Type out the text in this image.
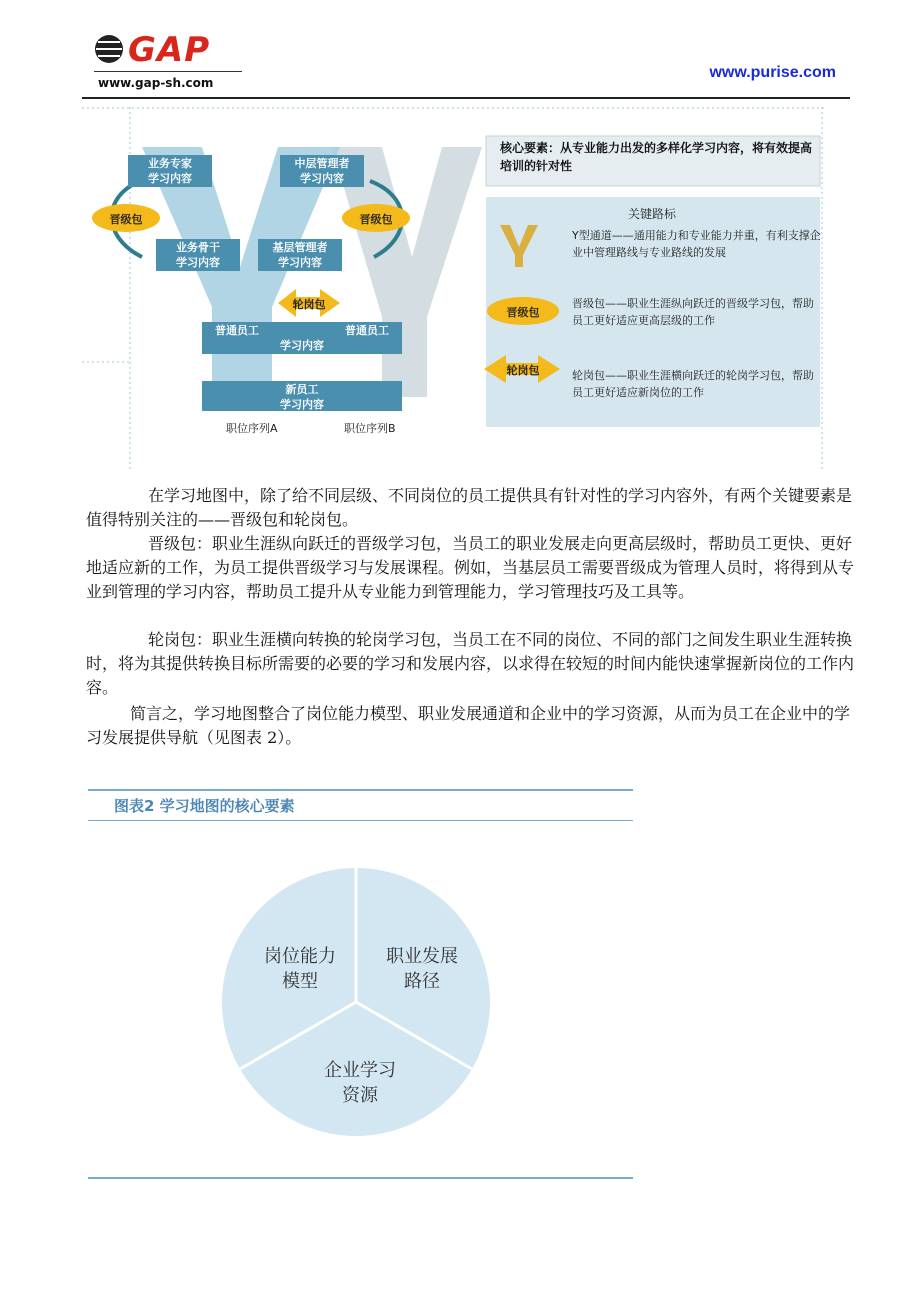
GAP
www.gap-sh.com
www.purise.com
业务专家
学习内容
中层管理者
学习内容
业务骨干
学习内容
基层管理者
学习内容
普通员工	普通员工
学习内容
新员工
学习内容
晋级包	晋级包
轮岗包
职位序列A	职位序列B
核心要素：从专业能力出发的多样化学习内容，将有效提高培训的针对性
关键路标
Y型通道——通用能力和专业能力并重，有利支撑企业中管理路线与专业路线的发展
晋级包
晋级包——职业生涯纵向跃迁的晋级学习包，帮助员工更好适应更高层级的工作
轮岗包	轮岗包——职业生涯横向跃迁的轮岗学习包，帮助员工更好适应新岗位的工作
在学习地图中，除了给不同层级、不同岗位的员工提供具有针对性的学习内容外，有两个关键要素是值得特别关注的——晋级包和轮岗包。
晋级包：职业生涯纵向跃迁的晋级学习包，当员工的职业发展走向更高层级时，帮助员工更快、更好地适应新的工作，为员工提供晋级学习与发展课程。例如，当基层员工需要晋级成为管理人员时，将得到从专业到管理的学习内容，帮助员工提升从专业能力到管理能力，学习管理技巧及工具等。
轮岗包：职业生涯横向转换的轮岗学习包，当员工在不同的岗位、不同的部门之间发生职业生涯转换时，将为其提供转换目标所需要的必要的学习和发展内容，以求得在较短的时间内能快速掌握新岗位的工作内容。
简言之，学习地图整合了岗位能力模型、职业发展通道和企业中的学习资源，从而为员工在企业中的学习发展提供导航（见图表 2）。
图表2 学习地图的核心要素
岗位能力
模型
职业发展
路径
企业学习
资源
